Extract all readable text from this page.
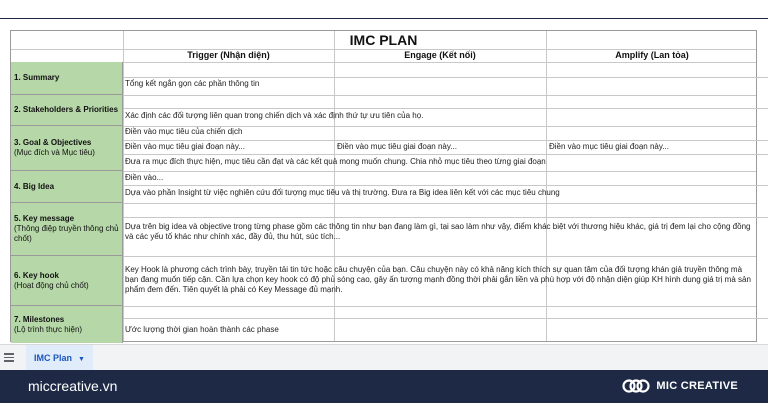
IMC PLAN
Trigger (Nhận diện)	Engage (Kết nối)	Amplify (Lan tỏa)
1. Summary
Tổng kết ngắn gọn các phần thông tin
2. Stakeholders & Priorities
Xác định các đối tượng liên quan trong chiến dịch và xác định thứ tự ưu tiên của họ.
3. Goal & Objectives
(Mục đích và Mục tiêu)
Điền vào mục tiêu của chiến dịch
Điền vào mục tiêu giai đoạn này...	Điền vào mục tiêu giai đoạn này...	Điền vào mục tiêu giai đoạn này...
Đưa ra mục đích thực hiện, mục tiêu cần đạt và các kết quả mong muốn chung. Chia nhỏ mục tiêu theo từng giai đoạn
4. Big Idea
Điền vào...
Dựa vào phần Insight từ việc nghiên cứu đối tượng mục tiêu và thị trường. Đưa ra Big idea liên kết với các mục tiêu chung
5. Key message
(Thông điệp truyền thông chủ chốt)
Dựa trên big idea và objective trong từng phase gồm các thông tin như bạn đang làm gì, tại sao làm như vậy, điểm khác biệt với thương hiệu khác, giá trị đem lại cho cộng đồng và các yếu tố khác như chính xác, đầy đủ, thu hút, súc tích...
6. Key hook
(Hoạt động chủ chốt)
Key Hook là phương cách trình bày, truyền tải tin tức hoặc câu chuyện của bạn. Câu chuyện này có khả năng kích thích sự quan tâm của đối tượng khán giả truyền thông mà bạn đang muốn tiếp cận. Cần lựa chọn key hook có độ phủ sóng cao, gây ấn tượng mạnh đồng thời phải gắn liền và phù hợp với độ nhận diện giúp KH hình dung giá trị mà sản phẩm đem đến. Tiên quyết là phải có Key Message đủ mạnh.
7. Milestones
(Lộ trình thực hiện)	Ước lượng thời gian hoàn thành các phase
IMC Plan ▼
miccreative.vn	MIC CREATIVE
